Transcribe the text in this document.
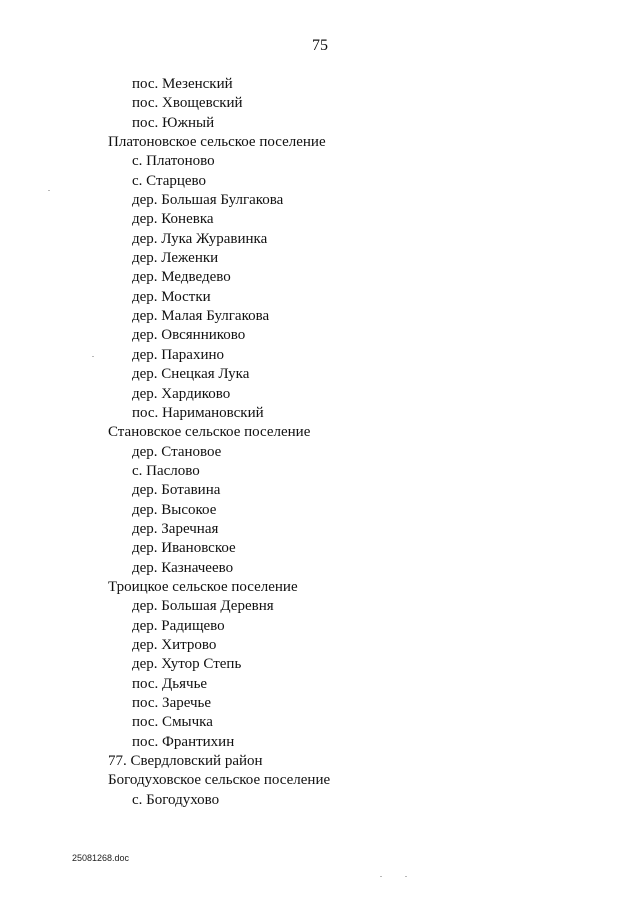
75
пос. Мезенский
пос. Хвощевский
пос. Южный
Платоновское сельское поселение
с. Платоново
с. Старцево
дер. Большая Булгакова
дер. Коневка
дер. Лука Журавинка
дер. Леженки
дер. Медведево
дер. Мостки
дер. Малая Булгакова
дер. Овсянниково
дер. Парахино
дер. Снецкая Лука
дер. Хардиково
пос. Наримановский
Становское сельское поселение
дер. Становое
с. Паслово
дер. Ботавина
дер. Высокое
дер. Заречная
дер. Ивановское
дер. Казначеево
Троицкое сельское поселение
дер. Большая Деревня
дер. Радищево
дер. Хитрово
дер. Хутор Степь
пос. Дьячье
пос. Заречье
пос. Смычка
пос. Франтихин
77. Свердловский район
Богодуховское сельское поселение
с. Богодухово
25081268.doc
